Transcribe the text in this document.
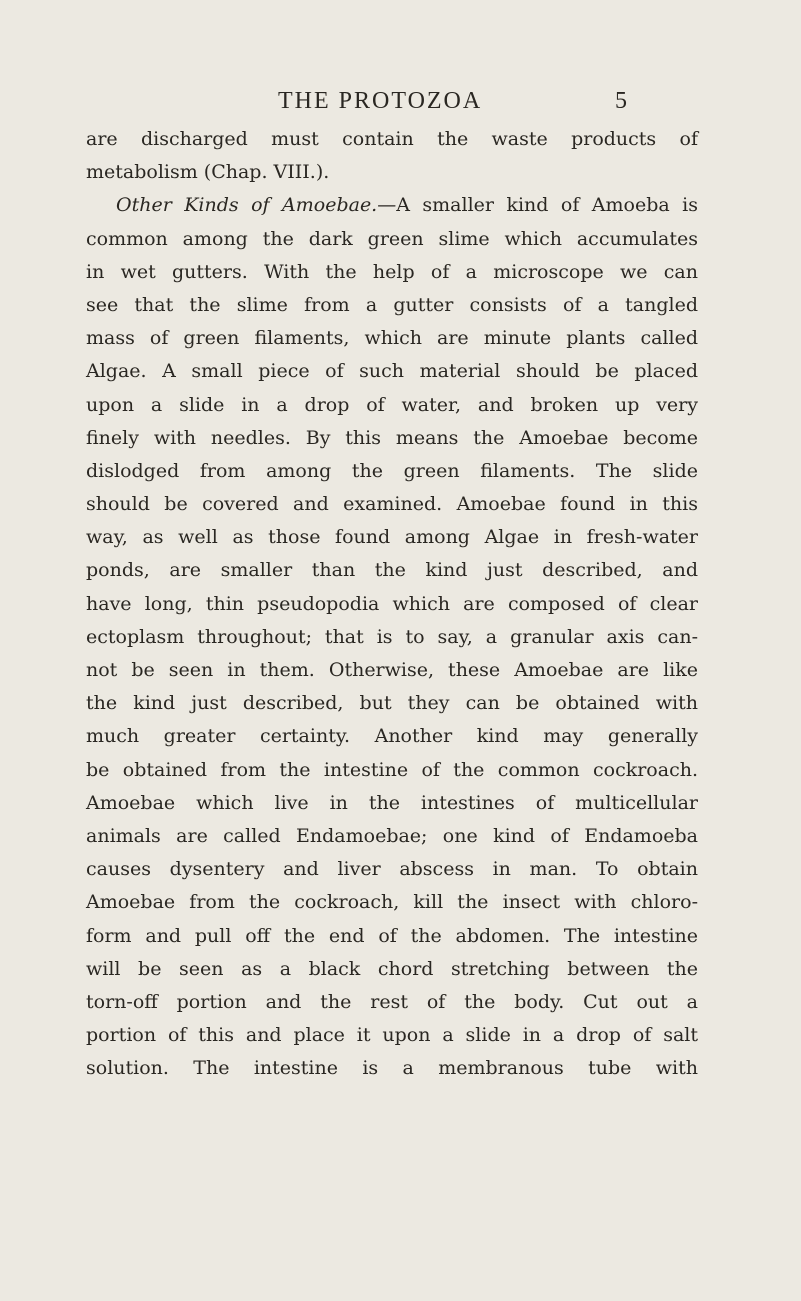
THE PROTOZOA	5
are discharged must contain the waste products of
metabolism (Chap. VIII.).
Other Kinds of Amoebae.—A smaller kind of Amoeba is
common among the dark green slime which accumulates
in wet gutters. With the help of a microscope we can
see that the slime from a gutter consists of a tangled
mass of green filaments, which are minute plants called
Algae. A small piece of such material should be placed
upon a slide in a drop of water, and broken up very
finely with needles. By this means the Amoebae become
dislodged from among the green filaments. The slide
should be covered and examined. Amoebae found in this
way, as well as those found among Algae in fresh-water
ponds, are smaller than the kind just described, and
have long, thin pseudopodia which are composed of clear
ectoplasm throughout; that is to say, a granular axis can-
not be seen in them. Otherwise, these Amoebae are like
the kind just described, but they can be obtained with
much greater certainty. Another kind may generally
be obtained from the intestine of the common cockroach.
Amoebae which live in the intestines of multicellular
animals are called Endamoebae; one kind of Endamoeba
causes dysentery and liver abscess in man. To obtain
Amoebae from the cockroach, kill the insect with chloro-
form and pull off the end of the abdomen. The intestine
will be seen as a black chord stretching between the
torn-off portion and the rest of the body. Cut out a
portion of this and place it upon a slide in a drop of salt
solution. The intestine is a membranous tube with
